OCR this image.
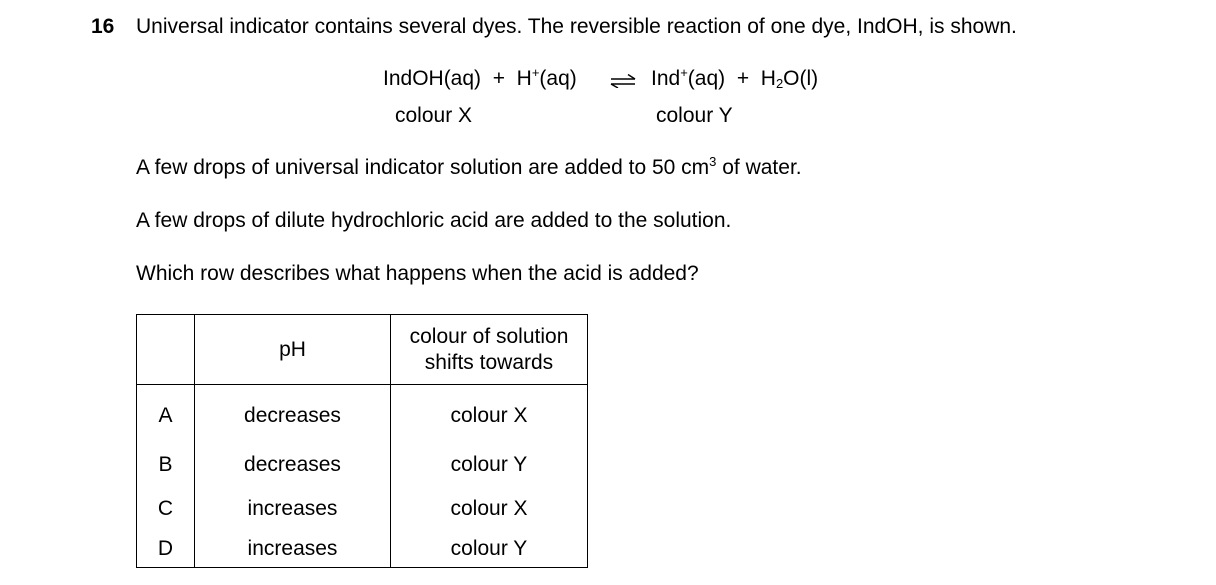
16 Universal indicator contains several dyes. The reversible reaction of one dye, IndOH, is shown.
IndOH(aq) + H+(aq) ⇌ $Ind^+(aq) + H_2O(l)$
colour X	colour Y
A few drops of universal indicator solution are added to 50 $cm^3$ of water.
A few drops of dilute hydrochloric acid are added to the solution.
Which row describes what happens when the acid is added?
	pH	colour of solution
shifts towards
A	decreases	colour X
B	decreases	colour Y
C	increases	colour X
D	increases	colour Y
